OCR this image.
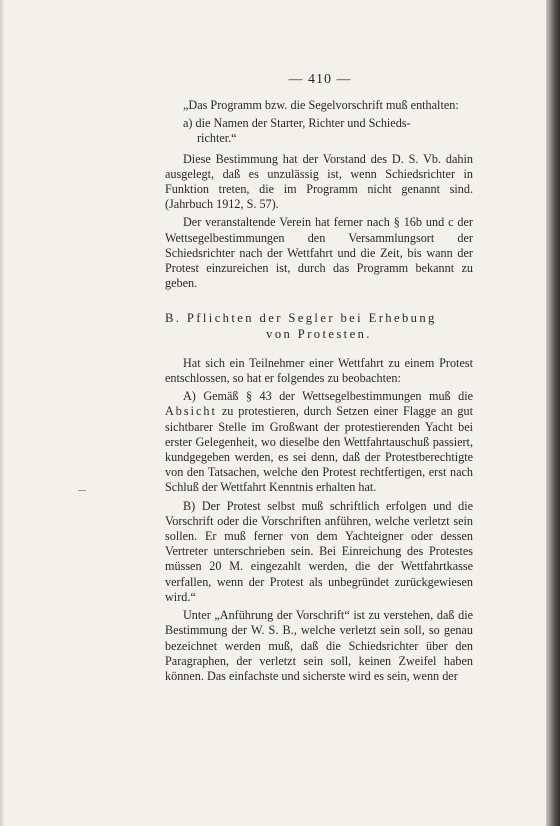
— 410 —

„Das Programm bzw. die Segelvorschrift muß enthalten:

a) die Namen der Starter, Richter und Schieds-
richter.“

Diese Bestimmung hat der Vorstand des D. S. Vb. dahin ausgelegt, daß es unzulässig ist, wenn Schiedsrichter in Funktion treten, die im Programm nicht genannt sind. (Jahrbuch 1912, S. 57).

Der veranstaltende Verein hat ferner nach § 16b und c der Wettsegelbestimmungen den Versammlungsort der Schiedsrichter nach der Wettfahrt und die Zeit, bis wann der Protest einzureichen ist, durch das Programm bekannt zu geben.

B. Pflichten der Segler bei Erhebung
von Protesten.

Hat sich ein Teilnehmer einer Wettfahrt zu einem Protest entschlossen, so hat er folgendes zu beobachten:

A) Gemäß § 43 der Wettsegelbestimmungen muß die Absicht zu protestieren, durch Setzen einer Flagge an gut sichtbarer Stelle im Großwant der protestierenden Yacht bei erster Gelegenheit, wo dieselbe den Wettfahrtauschuß passiert, kundgegeben werden, es sei denn, daß der Protestberechtigte von den Tatsachen, welche den Protest rechtfertigen, erst nach Schluß der Wettfahrt Kenntnis erhalten hat.

B) Der Protest selbst muß schriftlich erfolgen und die Vorschrift oder die Vorschriften anführen, welche verletzt sein sollen. Er muß ferner von dem Yachteigner oder dessen Vertreter unterschrieben sein. Bei Einreichung des Protestes müssen 20 M. eingezahlt werden, die der Wettfahrtkasse verfallen, wenn der Protest als unbegründet zurückgewiesen wird.“

Unter „Anführung der Vorschrift“ ist zu verstehen, daß die Bestimmung der W. S. B., welche verletzt sein soll, so genau bezeichnet werden muß, daß die Schiedsrichter über den Paragraphen, der verletzt sein soll, keinen Zweifel haben können. Das einfachste und sicherste wird es sein, wenn der
